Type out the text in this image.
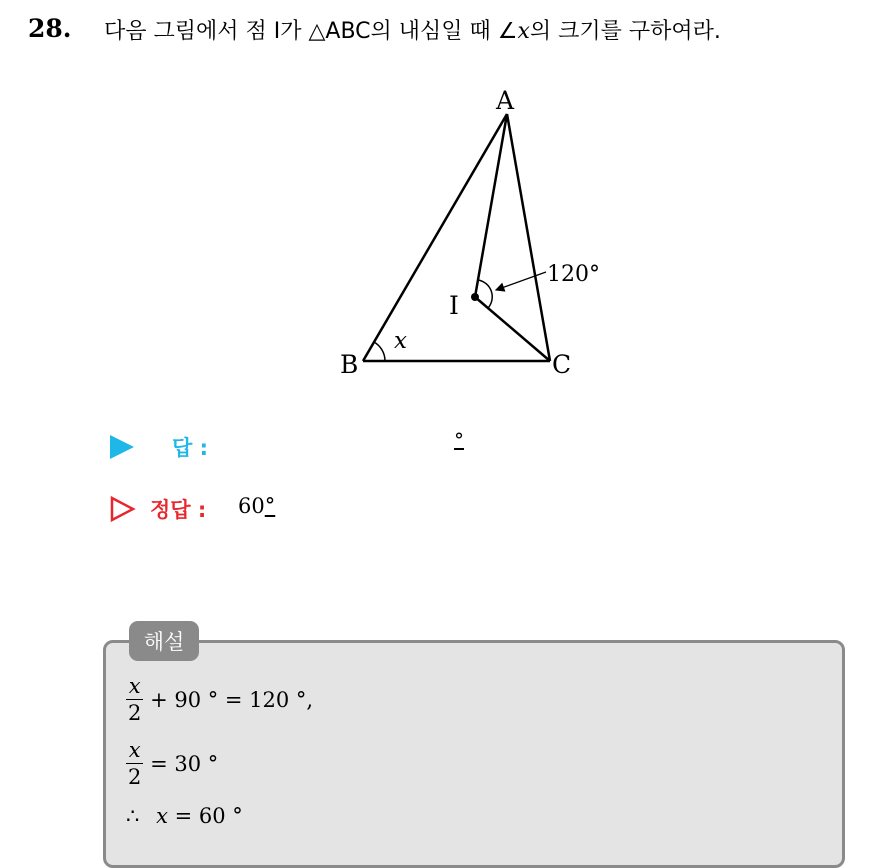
28. 다음 그림에서 점 I가 △ABC의 내심일 때 ∠x의 크기를 구하여라.
A
B	C
I
x
120°
답 :	°
정답 : 60°
해설
$\frac{x}{2} + 90$ ° = 120 °,
$\frac{x}{2} = 30$ °
∴ x = 60 °
